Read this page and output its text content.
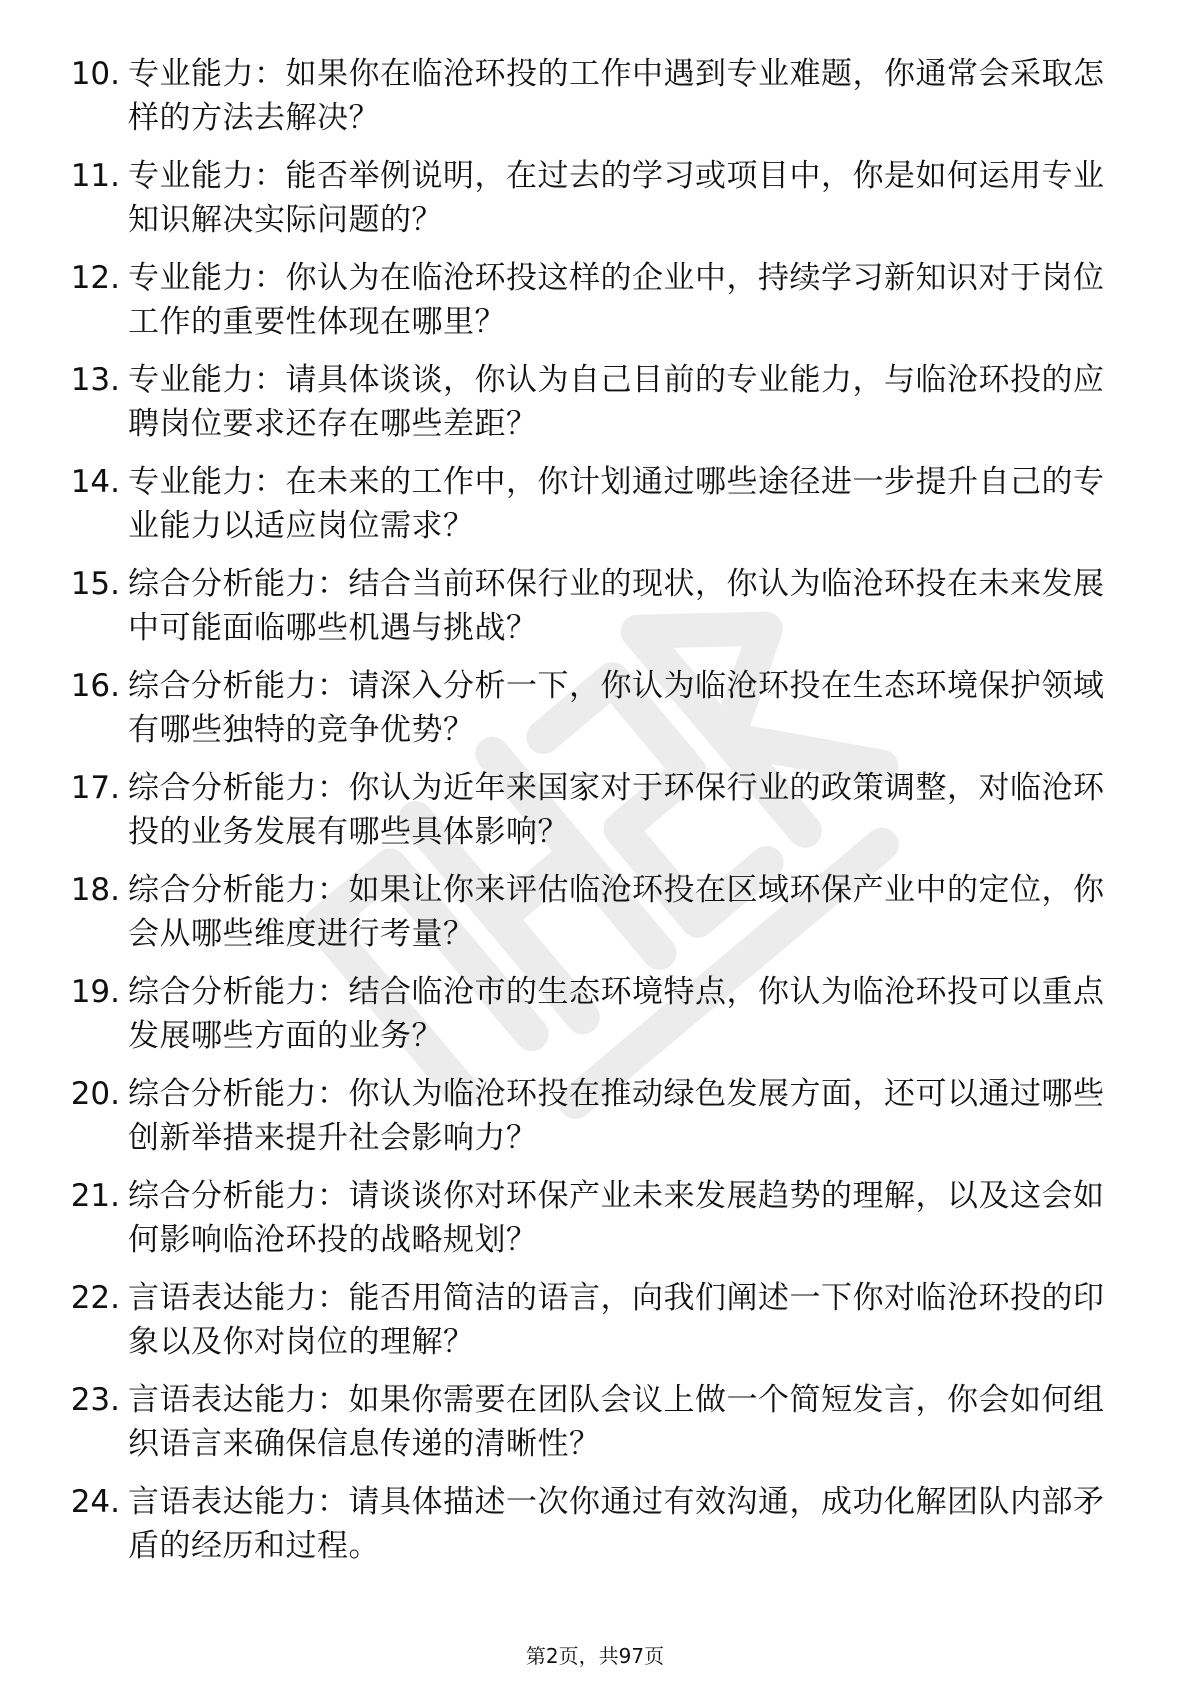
10. 专业能力：如果你在临沧环投的工作中遇到专业难题，你通常会采取怎样的方法去解决？
11. 专业能力：能否举例说明，在过去的学习或项目中，你是如何运用专业知识解决实际问题的？
12. 专业能力：你认为在临沧环投这样的企业中，持续学习新知识对于岗位工作的重要性体现在哪里？
13. 专业能力：请具体谈谈，你认为自己目前的专业能力，与临沧环投的应聘岗位要求还存在哪些差距？
14. 专业能力：在未来的工作中，你计划通过哪些途径进一步提升自己的专业能力以适应岗位需求？
15. 综合分析能力：结合当前环保行业的现状，你认为临沧环投在未来发展中可能面临哪些机遇与挑战？
16. 综合分析能力：请深入分析一下，你认为临沧环投在生态环境保护领域有哪些独特的竞争优势？
17. 综合分析能力：你认为近年来国家对于环保行业的政策调整，对临沧环投的业务发展有哪些具体影响？
18. 综合分析能力：如果让你来评估临沧环投在区域环保产业中的定位，你会从哪些维度进行考量？
19. 综合分析能力：结合临沧市的生态环境特点，你认为临沧环投可以重点发展哪些方面的业务？
20. 综合分析能力：你认为临沧环投在推动绿色发展方面，还可以通过哪些创新举措来提升社会影响力？
21. 综合分析能力：请谈谈你对环保产业未来发展趋势的理解，以及这会如何影响临沧环投的战略规划？
22. 言语表达能力：能否用简洁的语言，向我们阐述一下你对临沧环投的印象以及你对岗位的理解？
23. 言语表达能力：如果你需要在团队会议上做一个简短发言，你会如何组织语言来确保信息传递的清晰性？
24. 言语表达能力：请具体描述一次你通过有效沟通，成功化解团队内部矛盾的经历和过程。
第2页，共97页
